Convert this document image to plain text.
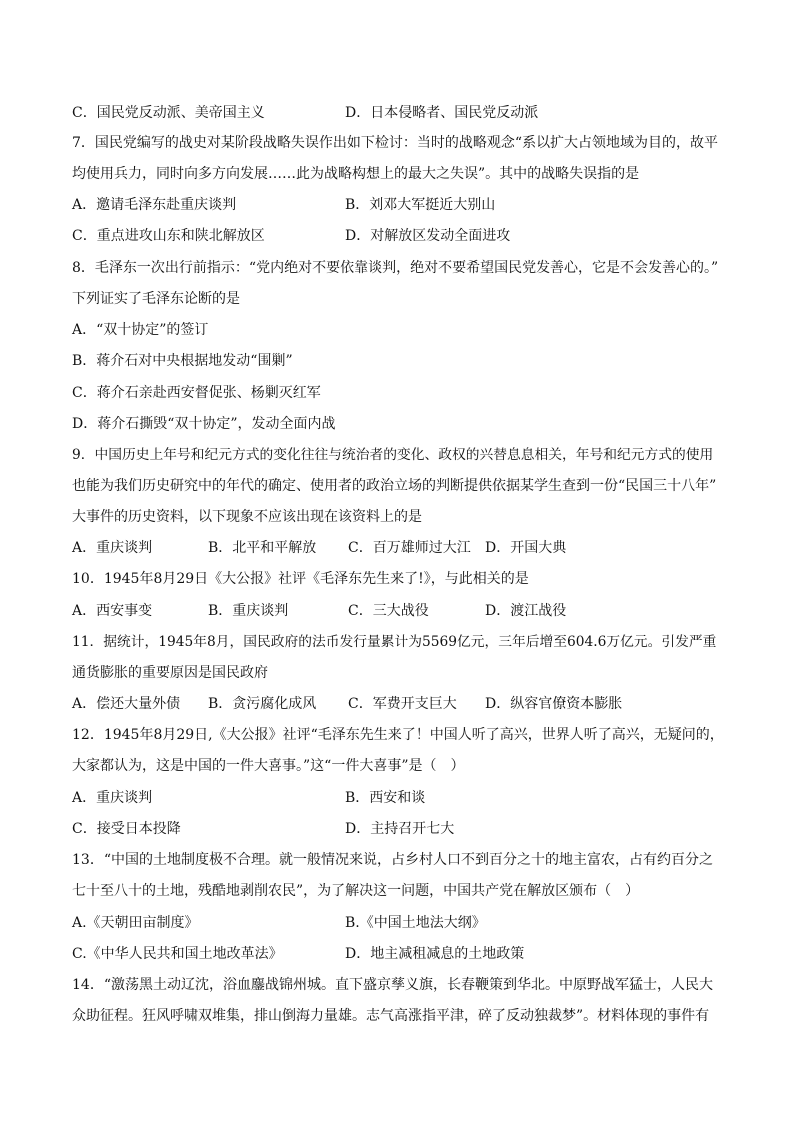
C．国民党反动派、美帝国主义	D．日本侵略者、国民党反动派
7．国民党编写的战史对某阶段战略失误作出如下检讨：当时的战略观念“系以扩大占领地域为目的，故平
均使用兵力，同时向多方向发展……此为战略构想上的最大之失误”。其中的战略失误指的是
A．邀请毛泽东赴重庆谈判	B．刘邓大军挺近大别山
C．重点进攻山东和陕北解放区	D．对解放区发动全面进攻
8．毛泽东一次出行前指示：“党内绝对不要依靠谈判，绝对不要希望国民党发善心，它是不会发善心的。”
下列证实了毛泽东论断的是
A．“双十协定”的签订
B．蒋介石对中央根据地发动“围剿”
C．蒋介石亲赴西安督促张、杨剿灭红军
D．蒋介石撕毁“双十协定”，发动全面内战
9．中国历史上年号和纪元方式的变化往往与统治者的变化、政权的兴替息息相关，年号和纪元方式的使用
也能为我们历史研究中的年代的确定、使用者的政治立场的判断提供依据某学生查到一份“民国三十八年”
大事件的历史资料，以下现象不应该出现在该资料上的是
A．重庆谈判	B．北平和平解放 C．百万雄师过大江 D．开国大典
10．1945年8月29日《大公报》社评《毛泽东先生来了!》，与此相关的是
A．西安事变	B．重庆谈判	C．三大战役	D．渡江战役
11．据统计，1945年8月，国民政府的法币发行量累计为5569亿元，三年后增至604.6万亿元。引发严重
通货膨胀的重要原因是国民政府
A．偿还大量外债 B．贪污腐化成风 C．军费开支巨大 D．纵容官僚资本膨胀
12．1945年8月29日,《大公报》社评“毛泽东先生来了！中国人听了高兴，世界人听了高兴，无疑问的，
大家都认为，这是中国的一件大喜事。”这“一件大喜事”是（　）
A．重庆谈判	B．西安和谈
C．接受日本投降	D．主持召开七大
13．“中国的土地制度极不合理。就一般情况来说，占乡村人口不到百分之十的地主富农，占有约百分之
七十至八十的土地，残酷地剥削农民”，为了解决这一问题，中国共产党在解放区颁布（　）
A.《天朝田亩制度》	B.《中国土地法大纲》
C.《中华人民共和国土地改革法》	D．地主减租减息的土地政策
14．“激荡黑土动辽沈，浴血鏖战锦州城。直下盛京孳义旗，长春鞭策到华北。中原野战军猛士，人民大
众助征程。狂风呼啸双堆集，排山倒海力量雄。志气高涨指平津，碎了反动独裁梦”。材料体现的事件有
